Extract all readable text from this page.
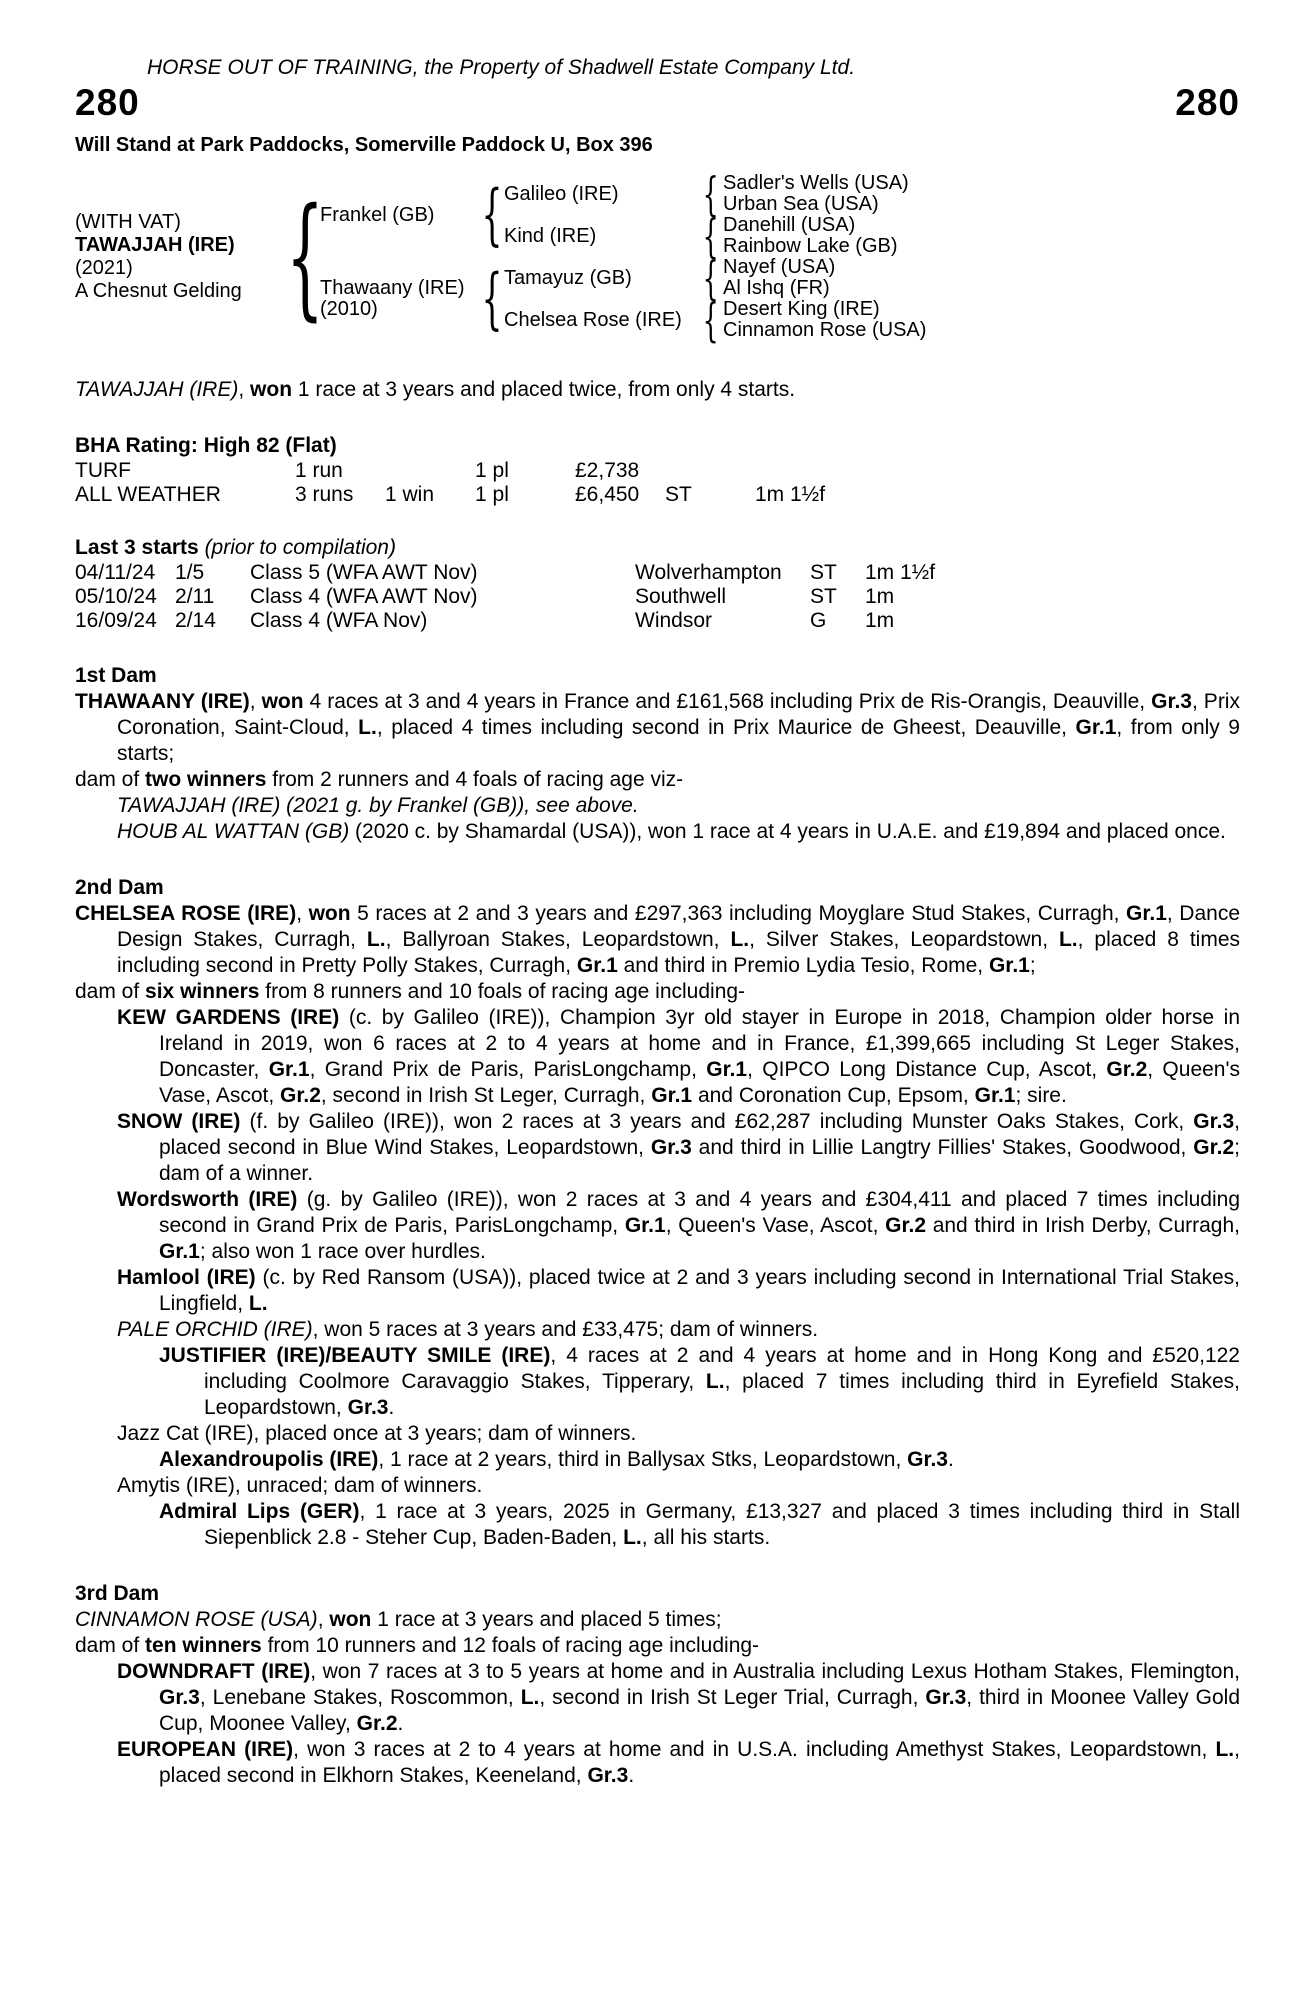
HORSE OUT OF TRAINING, the Property of Shadwell Estate Company Ltd.
280	280
Will Stand at Park Paddocks, Somerville Paddock U, Box 396
(WITH VAT)
TAWAJJAH (IRE)
(2021)
A Chesnut Gelding {
Frankel (GB)
Thawaany (IRE)
(2010)
{
{
Galileo (IRE)
Kind (IRE)
Tamayuz (GB)
Chelsea Rose (IRE)
{
{
{
{
Sadler's Wells (USA)
Urban Sea (USA)
Danehill (USA)
Rainbow Lake (GB)
Nayef (USA)
Al Ishq (FR)
Desert King (IRE)
Cinnamon Rose (USA)

TAWAJJAH (IRE), won 1 race at 3 years and placed twice, from only 4 starts.

BHA Rating: High 82 (Flat)
TURF	1 run	1 pl	£2,738
ALL WEATHER	3 runs	1 win	1 pl	£6,450	ST	1m 1½f
Last 3 starts (prior to compilation)
04/11/24 1/5	Class 5 (WFA AWT Nov)	Wolverhampton	ST	1m 1½f
05/10/24 2/11	Class 4 (WFA AWT Nov)	Southwell	ST	1m
16/09/24 2/14	Class 4 (WFA Nov)	Windsor	G	1m
1st Dam

THAWAANY (IRE), won 4 races at 3 and 4 years in France and £161,568 including Prix de Ris-Orangis, Deauville, Gr.3, Prix Coronation, Saint-Cloud, L., placed 4 times including second in Prix Maurice de Gheest, Deauville, Gr.1, from only 9 starts;

dam of two winners from 2 runners and 4 foals of racing age viz-

TAWAJJAH (IRE) (2021 g. by Frankel (GB)), see above.

HOUB AL WATTAN (GB) (2020 c. by Shamardal (USA)), won 1 race at 4 years in U.A.E. and £19,894 and placed once.

2nd Dam

CHELSEA ROSE (IRE), won 5 races at 2 and 3 years and £297,363 including Moyglare Stud Stakes, Curragh, Gr.1, Dance Design Stakes, Curragh, L., Ballyroan Stakes, Leopardstown, L., Silver Stakes, Leopardstown, L., placed 8 times including second in Pretty Polly Stakes, Curragh, Gr.1 and third in Premio Lydia Tesio, Rome, Gr.1;

dam of six winners from 8 runners and 10 foals of racing age including-

KEW GARDENS (IRE) (c. by Galileo (IRE)), Champion 3yr old stayer in Europe in 2018, Champion older horse in Ireland in 2019, won 6 races at 2 to 4 years at home and in France, £1,399,665 including St Leger Stakes, Doncaster, Gr.1, Grand Prix de Paris, ParisLongchamp, Gr.1, QIPCO Long Distance Cup, Ascot, Gr.2, Queen's Vase, Ascot, Gr.2, second in Irish St Leger, Curragh, Gr.1 and Coronation Cup, Epsom, Gr.1; sire.

SNOW (IRE) (f. by Galileo (IRE)), won 2 races at 3 years and £62,287 including Munster Oaks Stakes, Cork, Gr.3, placed second in Blue Wind Stakes, Leopardstown, Gr.3 and third in Lillie Langtry Fillies' Stakes, Goodwood, Gr.2; dam of a winner.

Wordsworth (IRE) (g. by Galileo (IRE)), won 2 races at 3 and 4 years and £304,411 and placed 7 times including second in Grand Prix de Paris, ParisLongchamp, Gr.1, Queen's Vase, Ascot, Gr.2 and third in Irish Derby, Curragh, Gr.1; also won 1 race over hurdles.

Hamlool (IRE) (c. by Red Ransom (USA)), placed twice at 2 and 3 years including second in International Trial Stakes, Lingfield, L.

PALE ORCHID (IRE), won 5 races at 3 years and £33,475; dam of winners.

JUSTIFIER (IRE)/BEAUTY SMILE (IRE), 4 races at 2 and 4 years at home and in Hong Kong and £520,122 including Coolmore Caravaggio Stakes, Tipperary, L., placed 7 times including third in Eyrefield Stakes, Leopardstown, Gr.3.

Jazz Cat (IRE), placed once at 3 years; dam of winners.

Alexandroupolis (IRE), 1 race at 2 years, third in Ballysax Stks, Leopardstown, Gr.3.

Amytis (IRE), unraced; dam of winners.

Admiral Lips (GER), 1 race at 3 years, 2025 in Germany, £13,327 and placed 3 times including third in Stall Siepenblick 2.8 - Steher Cup, Baden-Baden, L., all his starts.

3rd Dam

CINNAMON ROSE (USA), won 1 race at 3 years and placed 5 times;

dam of ten winners from 10 runners and 12 foals of racing age including-

DOWNDRAFT (IRE), won 7 races at 3 to 5 years at home and in Australia including Lexus Hotham Stakes, Flemington, Gr.3, Lenebane Stakes, Roscommon, L., second in Irish St Leger Trial, Curragh, Gr.3, third in Moonee Valley Gold Cup, Moonee Valley, Gr.2.

EUROPEAN (IRE), won 3 races at 2 to 4 years at home and in U.S.A. including Amethyst Stakes, Leopardstown, L., placed second in Elkhorn Stakes, Keeneland, Gr.3.
